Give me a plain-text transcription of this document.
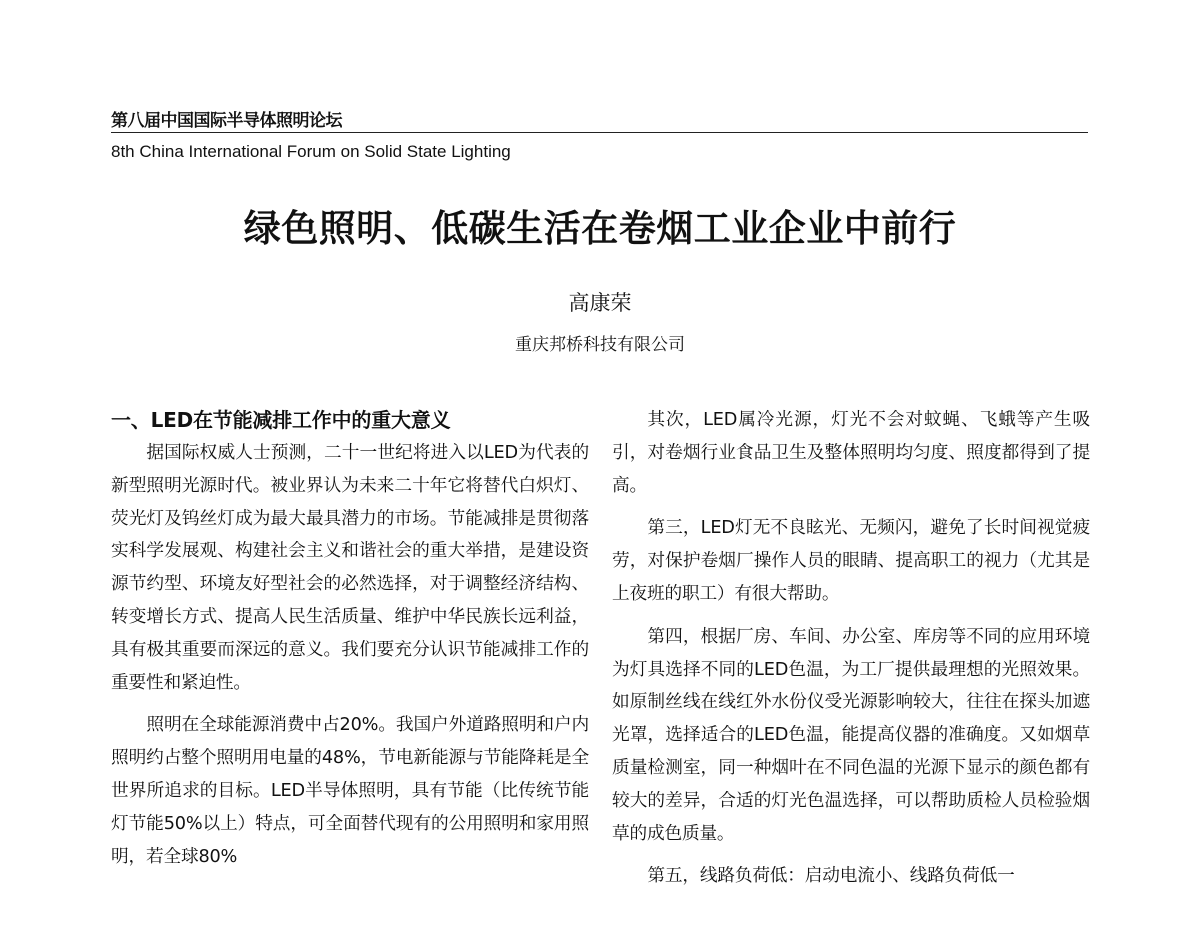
第八届中国国际半导体照明论坛
8th China International Forum on Solid State Lighting
绿色照明、低碳生活在卷烟工业企业中前行
高康荣
重庆邦桥科技有限公司
一、LED在节能减排工作中的重大意义

据国际权威人士预测，二十一世纪将进入以LED为代表的新型照明光源时代。被业界认为未来二十年它将替代白炽灯、荧光灯及钨丝灯成为最大最具潜力的市场。节能减排是贯彻落实科学发展观、构建社会主义和谐社会的重大举措，是建设资源节约型、环境友好型社会的必然选择，对于调整经济结构、转变增长方式、提高人民生活质量、维护中华民族长远利益，具有极其重要而深远的意义。我们要充分认识节能减排工作的重要性和紧迫性。

照明在全球能源消费中占20%。我国户外道路照明和户内照明约占整个照明用电量的48%，节电新能源与节能降耗是全世界所追求的目标。LED半导体照明，具有节能（比传统节能灯节能50%以上）特点，可全面替代现有的公用照明和家用照明，若全球80%

其次，LED属冷光源，灯光不会对蚊蝇、飞蛾等产生吸引，对卷烟行业食品卫生及整体照明均匀度、照度都得到了提高。

第三，LED灯无不良眩光、无频闪，避免了长时间视觉疲劳，对保护卷烟厂操作人员的眼睛、提高职工的视力（尤其是上夜班的职工）有很大帮助。

第四，根据厂房、车间、办公室、库房等不同的应用环境为灯具选择不同的LED色温，为工厂提供最理想的光照效果。如原制丝线在线红外水份仪受光源影响较大，往往在探头加遮光罩，选择适合的LED色温，能提高仪器的准确度。又如烟草质量检测室，同一种烟叶在不同色温的光源下显示的颜色都有较大的差异，合适的灯光色温选择，可以帮助质检人员检验烟草的成色质量。

第五，线路负荷低：启动电流小、线路负荷低一
